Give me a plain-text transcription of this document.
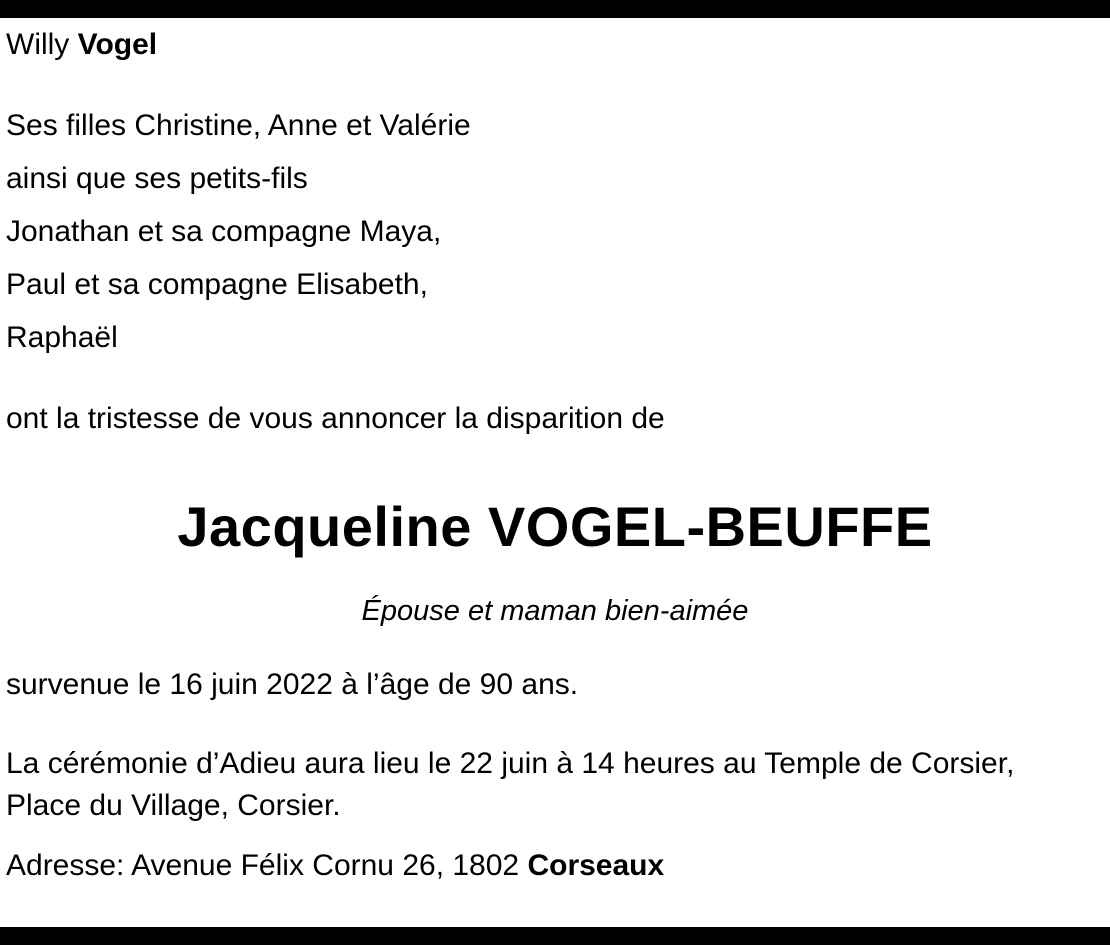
Willy Vogel
Ses filles Christine, Anne et Valérie
ainsi que ses petits-fils
Jonathan et sa compagne Maya,
Paul et sa compagne Elisabeth,
Raphaël
ont la tristesse de vous annoncer la disparition de
Jacqueline VOGEL-BEUFFE
Épouse et maman bien-aimée
survenue le 16 juin 2022 à l’âge de 90 ans.
La cérémonie d’Adieu aura lieu le 22 juin à 14 heures au Temple de Corsier,
Place du Village, Corsier.
Adresse: Avenue Félix Cornu 26, 1802 Corseaux
